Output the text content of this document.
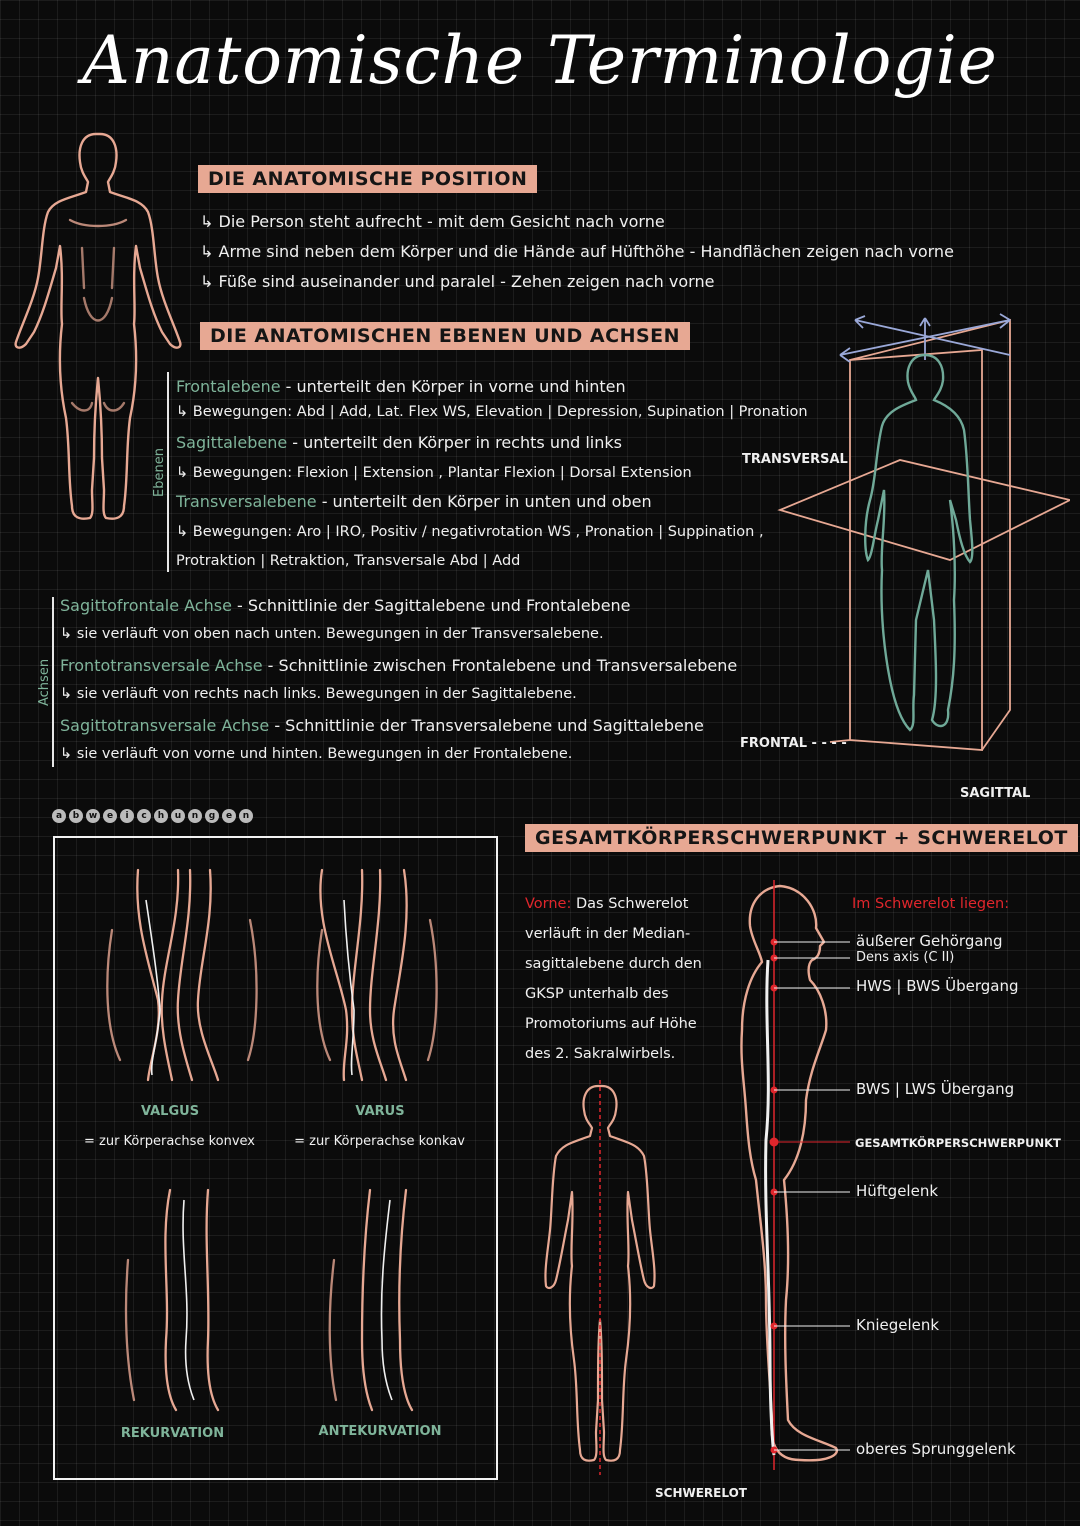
Anatomische Terminologie
DIE ANATOMISCHE POSITION
↳ Die Person steht aufrecht - mit dem Gesicht nach vorne
↳ Arme sind neben dem Körper und die Hände auf Hüfthöhe - Handflächen zeigen nach vorne
↳ Füße sind auseinander und paralel - Zehen zeigen nach vorne
DIE ANATOMISCHEN EBENEN UND ACHSEN
Ebenen
Frontalebene - unterteilt den Körper in vorne und hinten
↳ Bewegungen: Abd | Add, Lat. Flex WS, Elevation | Depression, Supination | Pronation
Sagittalebene - unterteilt den Körper in rechts und links
↳ Bewegungen: Flexion | Extension , Plantar Flexion | Dorsal Extension
Transversalebene - unterteilt den Körper in unten und oben
↳ Bewegungen: Aro | IRO, Positiv / negativrotation WS , Pronation | Suppination ,
Protraktion | Retraktion, Transversale Abd | Add
Achsen
Sagittofrontale Achse - Schnittlinie der Sagittalebene und Frontalebene
↳ sie verläuft von oben nach unten. Bewegungen in der Transversalebene.
Frontotransversale Achse - Schnittlinie zwischen Frontalebene und Transversalebene
↳ sie verläuft von rechts nach links. Bewegungen in der Sagittalebene.
Sagittotransversale Achse - Schnittlinie der Transversalebene und Sagittalebene
↳ sie verläuft von vorne und hinten. Bewegungen in der Frontalebene.
TRANSVERSAL
FRONTAL - - - -
SAGITTAL
a b w e i c h u n g e n
VALGUS
= zur Körperachse konvex
VARUS
= zur Körperachse konkav
REKURVATION	ANTEKURVATION
GESAMTKÖRPERSCHWERPUNKT + SCHWERELOT
Vorne: Das Schwerelot
verläuft in der Median-
sagittalebene durch den
GKSP unterhalb des
Promotoriums auf Höhe
des 2. Sakralwirbels.
SCHWERELOT
Im Schwerelot liegen:
äußerer Gehörgang
Dens axis (C II)
HWS | BWS Übergang
BWS | LWS Übergang
GESAMTKÖRPERSCHWERPUNKT
Hüftgelenk
Kniegelenk
oberes Sprunggelenk
